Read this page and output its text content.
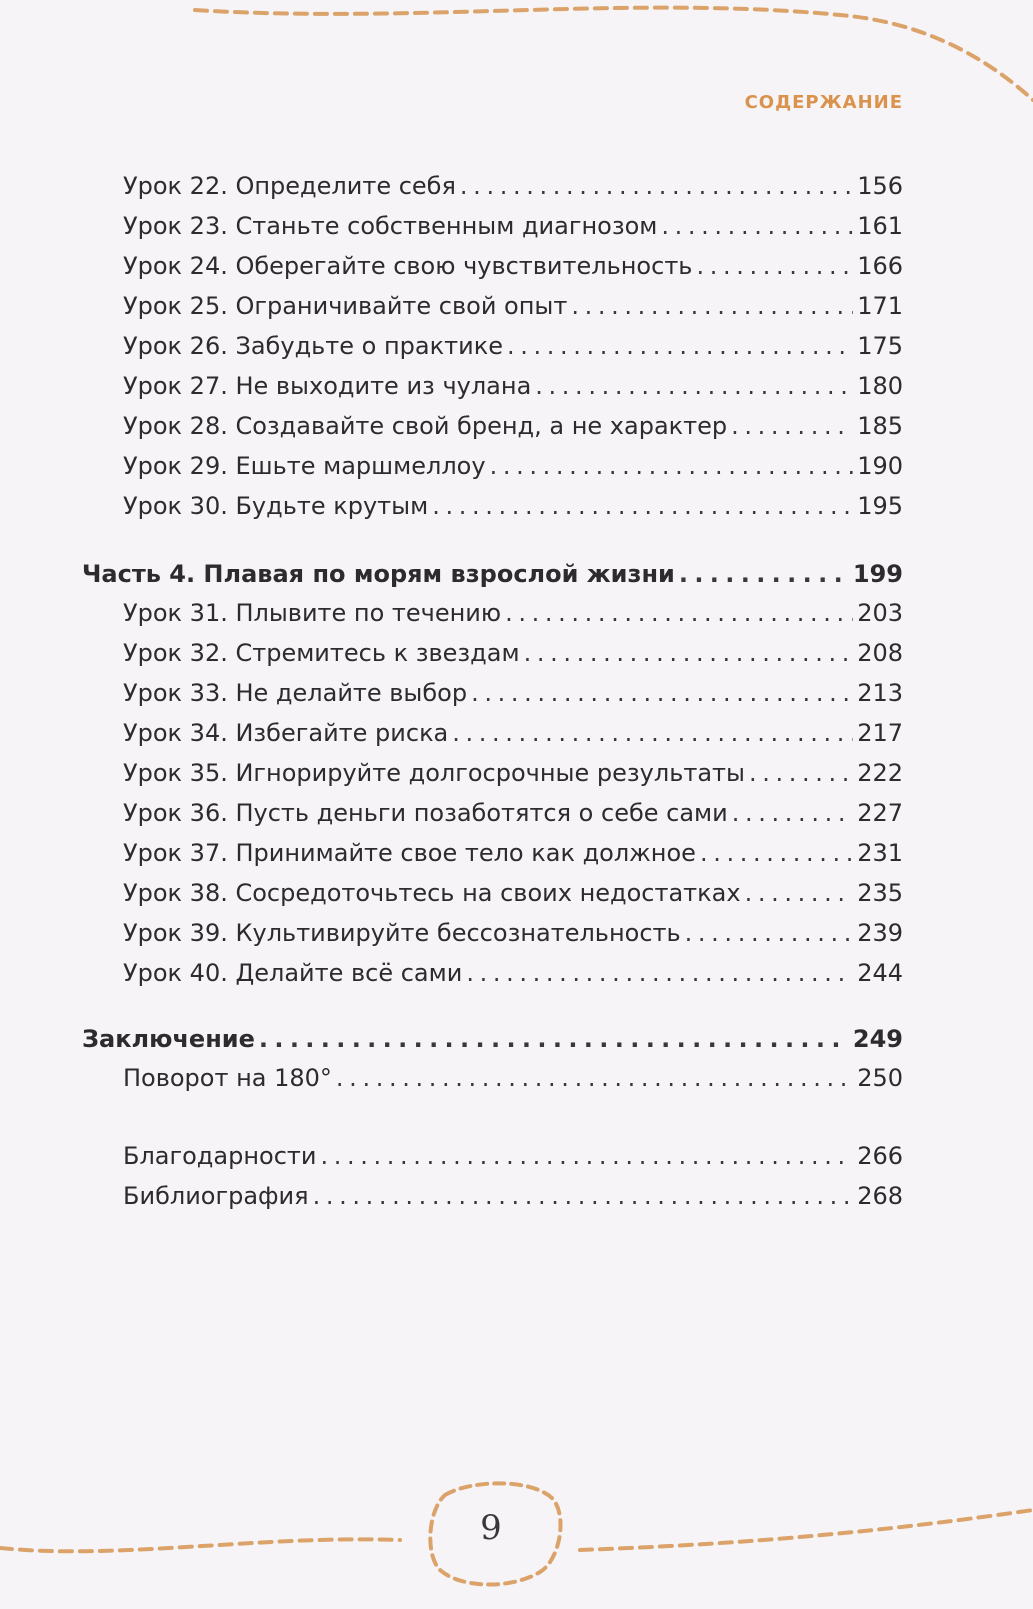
СОДЕРЖАНИЕ
Урок 22. Определите себя . . .	156
Урок 23. Станьте собственным диагнозом . . .	161
Урок 24. Оберегайте свою чувствительность . . .	166
Урок 25. Ограничивайте свой опыт . . .	171
Урок 26. Забудьте о практике . . .	175
Урок 27. Не выходите из чулана . . .	180
Урок 28. Создавайте свой бренд, а не характер . . .	185
Урок 29. Ешьте маршмеллоу . . .	190
Урок 30. Будьте крутым . . .	195
Часть 4. Плавая по морям взрослой жизни . . .	199
Урок 31. Плывите по течению . . .	203
Урок 32. Стремитесь к звездам . . .	208
Урок 33. Не делайте выбор . . .	213
Урок 34. Избегайте риска . . .	217
Урок 35. Игнорируйте долгосрочные результаты . . .	222
Урок 36. Пусть деньги позаботятся о себе сами . . .	227
Урок 37. Принимайте свое тело как должное . . .	231
Урок 38. Сосредоточьтесь на своих недостатках . . .	235
Урок 39. Культивируйте бессознательность . . .	239
Урок 40. Делайте всё сами . . .	244
Заключение . . .	249
Поворот на 180° . . .	250
Благодарности . . .	266
Библиография . . .	268
9
